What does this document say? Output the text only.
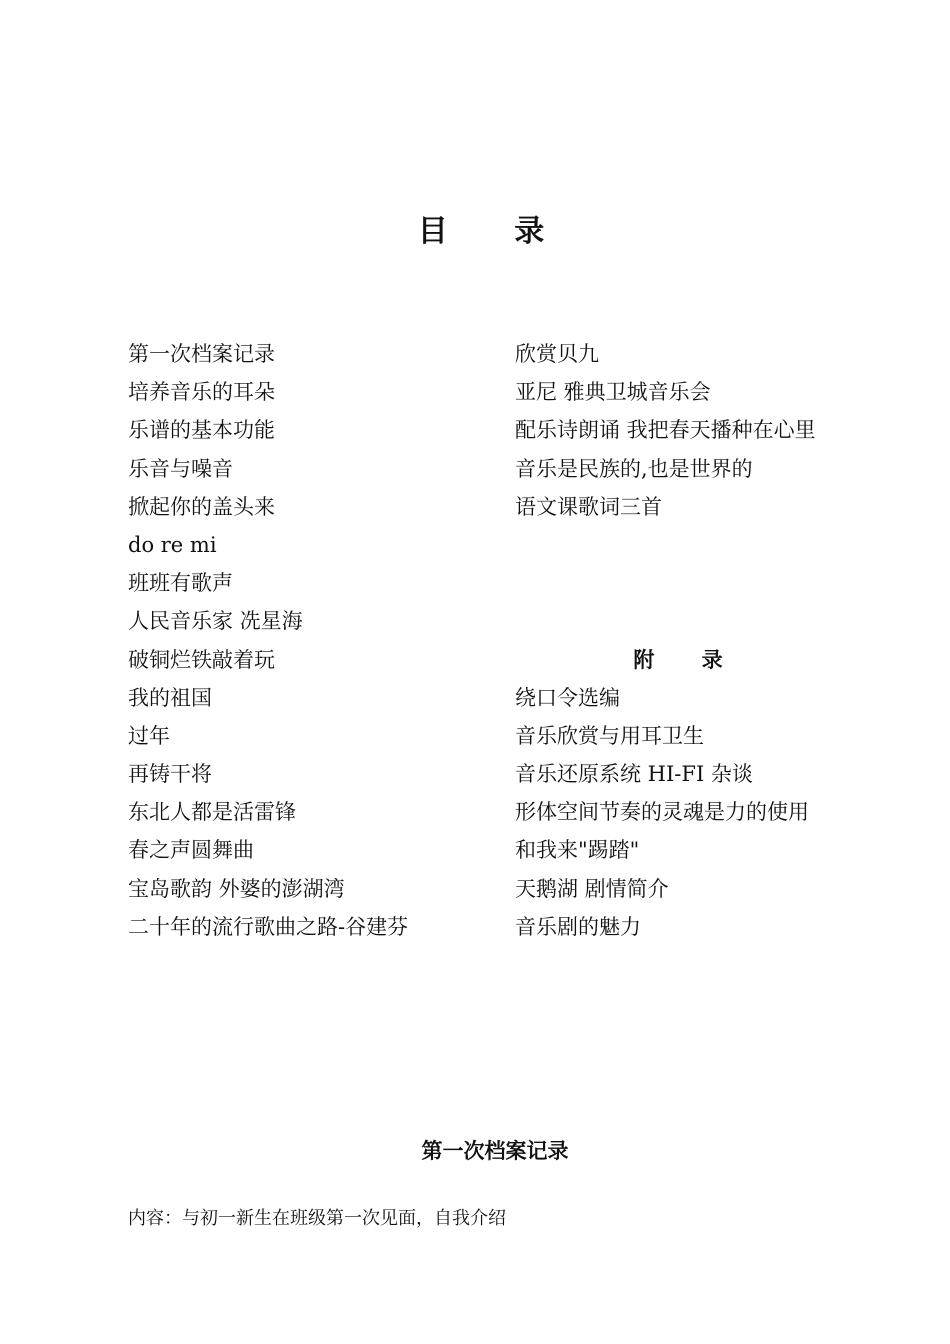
目 录
第一次档案记录
培养音乐的耳朵
乐谱的基本功能
乐音与噪音
掀起你的盖头来
do re mi
班班有歌声
人民音乐家 冼星海
破铜烂铁敲着玩
我的祖国
过年
再铸干将
东北人都是活雷锋
春之声圆舞曲
宝岛歌韵 外婆的澎湖湾
二十年的流行歌曲之路-谷建芬
欣赏贝九
亚尼 雅典卫城音乐会
配乐诗朗诵 我把春天播种在心里
音乐是民族的,也是世界的
语文课歌词三首
附 录
绕口令选编
音乐欣赏与用耳卫生
音乐还原系统 HI-FI 杂谈
形体空间节奏的灵魂是力的使用
和我来"踢踏"
天鹅湖 剧情简介
音乐剧的魅力
第一次档案记录
内容：与初一新生在班级第一次见面，自我介绍
